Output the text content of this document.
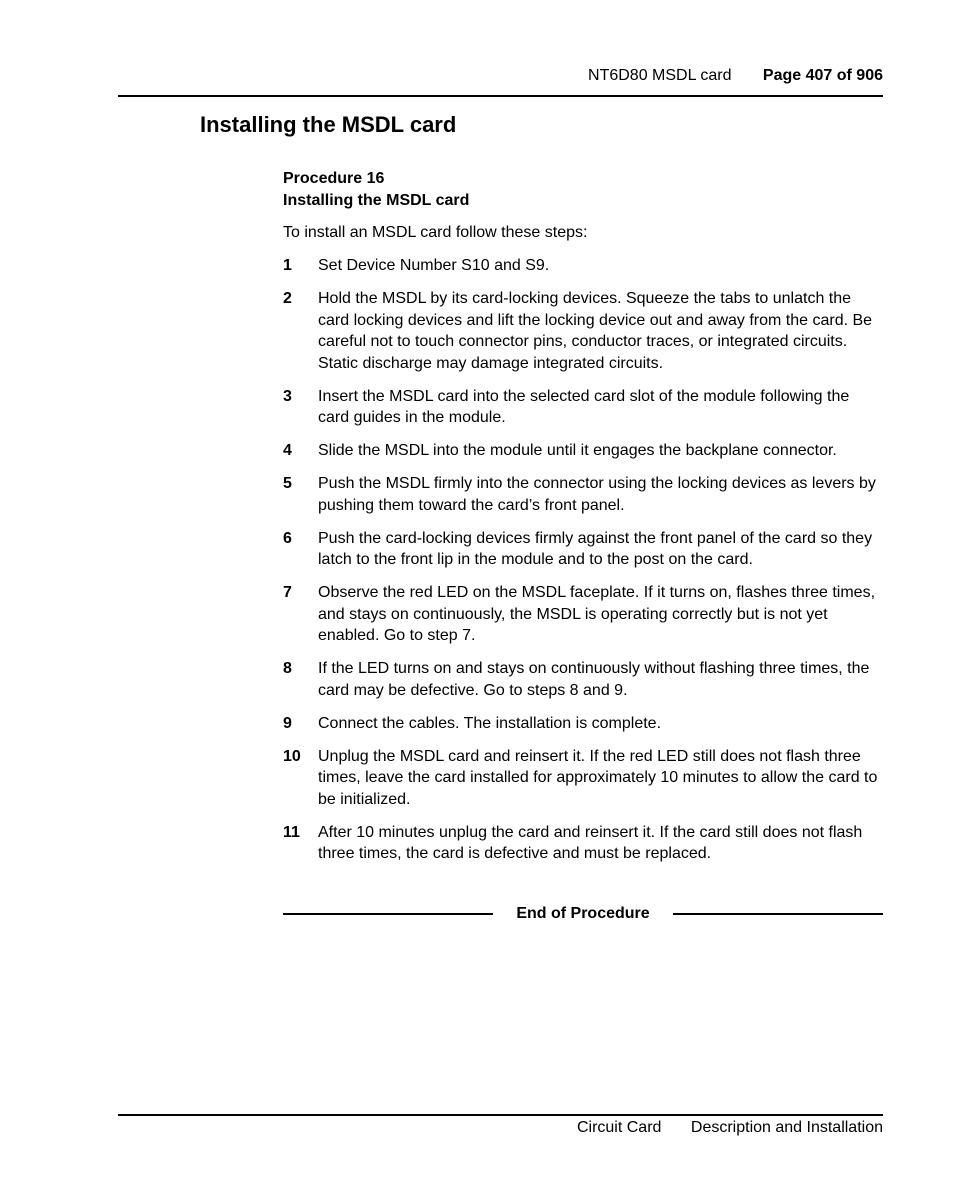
NT6D80 MSDL card Page 407 of 906
Installing the MSDL card

Procedure 16

Installing the MSDL card

To install an MSDL card follow these steps:

1	Set Device Number S10 and S9.
2	Hold the MSDL by its card-locking devices. Squeeze the tabs to unlatch the card locking devices and lift the locking device out and away from the card. Be careful not to touch connector pins, conductor traces, or integrated circuits. Static discharge may damage integrated circuits.
3	Insert the MSDL card into the selected card slot of the module following the card guides in the module.
4	Slide the MSDL into the module until it engages the backplane connector.
5	Push the MSDL firmly into the connector using the locking devices as levers by pushing them toward the card’s front panel.
6	Push the card-locking devices firmly against the front panel of the card so they latch to the front lip in the module and to the post on the card.
7	Observe the red LED on the MSDL faceplate. If it turns on, flashes three times, and stays on continuously, the MSDL is operating correctly but is not yet enabled. Go to step 7.
8	If the LED turns on and stays on continuously without flashing three times, the card may be defective. Go to steps 8 and 9.
9	Connect the cables. The installation is complete.
10	Unplug the MSDL card and reinsert it. If the red LED still does not flash three times, leave the card installed for approximately 10 minutes to allow the card to be initialized.
11	After 10 minutes unplug the card and reinsert it. If the card still does not flash three times, the card is defective and must be replaced.
End of Procedure
Circuit Card Description and Installation
